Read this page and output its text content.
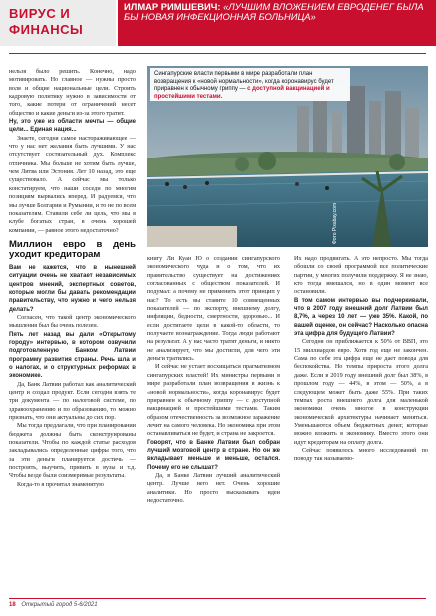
ВИРУС И
ФИНАНСЫ
ИЛМАР РИМШЕВИЧ: «ЛУЧШИМ ВЛОЖЕНИЕМ ЕВРОДЕНЕГ БЫЛА БЫ НОВАЯ ИНФЕКЦИОННАЯ БОЛЬНИЦА»
Сингапурские власти первыми в мире разработали план возвращения к «новой нормальности», когда коронавирус будет приравнен к обычному гриппу — с доступной вакцинацией и простейшими тестами.
Фото Pixabay.com

нельзя было решить. Конечно, надо мотивировать. Но главное — нужны просто воля и общие национальные цели. Строить кадровую политику нужно в зависимости от того, какие потери от ограничений несет общество и какие деньги из-за этого тратит.

Ну, это уже из области мечты — общие цели... Единая нация...

Знаете, сегодня самое настораживающее — что у нас нет желания быть лучшими. У нас отсутствует состязательный дух. Комплекс отличника. Мы больше не хотим быть лучше, чем Литва или Эстония. Лет 10 назад, это еще существовало. А сейчас мы только констатируем, что наши соседи по многим позициям вырвались вперед. И радуемся, что мы лучше Болгарии и Румынии, и то не по всем показателям. Ставили себе ли цель, что мы в клубе богатых стран, в очень хорошей компании, — равное этого недостаточно?

Миллион евро в день уходит кредиторам

Вам не кажется, что в нынешней ситуации очень не хватает независимых центров мнений, экспертных советов, которые могли бы давать рекомендации правительству, что нужно и чего нельзя делать?

Согласен, что такой центр экономического мышления был бы очень полезен.

Пять лет назад вы дали «Открытому городу» интервью, в котором озвучили подготовленную Банком Латвии программу развития страны. Речь шла и о налогах, и о структурных реформах в экономике.

Да, Банк Латвии работал как аналитический центр и создал продукт. Если сегодня взять те три документа — по налоговой системе, по здравоохранению и по образованию, то можно признать, что они актуальны до сих пор.

Мы тогда предлагали, что при планировании бюджета должны быть сконструированы показатели. Чтобы по каждой статье расходов закладывались определенные цифры того, что за эти деньги планируется достичь — построить, выучить, привить в вузы и т.д. Чтобы везде были соизмеримые результаты.

Когда-то я прочитал знаменитую

книгу Ли Куан Ю о создании сингапурского экономического чуда и о том, что их правительство существует на достижениях согласованных с обществом показателей. И подумал: а почему не применить этот принцип у нас? То есть вы ставите 10 совмещенных показателей — по экспорту, внешнему долгу, инфляции, бедности, смертности, здоровью... И если достигаете цели в какой-то области, то получаете вознаграждение. Тогда люди работают на результат. А у нас часто тратят деньги, и никто не анализирует, что мы достигли, для чего эти деньги тратились.

И сейчас не устает восхищаться прагматизмом сингапурских властей! Их министры первыми в мире разработали план возвращения в жизнь к «новой нормальности», когда коронавирус будет приравнен к обычному гриппу — с доступной вакцинацией и простейшими тестами. Таким образом отечественность за возможное заражение лечит на самого человека. Но экономика при этом останавливаться не будет, и страна не закроется.

Говорят, что в Банке Латвии был собран лучший мозговой центр в стране. Но он же вкладывает меньше и меньше, остался. Почему его не слышат?

Да, в Банке Латвии лучший аналитический центр. Лучше него нет. Очень хорошие аналитики. Но просто высказывать идеи недостаточно.

Их надо продвигать. А это непросто. Мы тогда обошли со своей программой все политические партии, у многих получили поддержку. Я не знаю, кто тогда вмешался, но в один момент все остановили.

В том самом интервью вы подчеркивали, что в 2007 году внешний долг Латвии был 8,7%, а через 10 лет — уже 35%. Какой, по вашей оценке, он сейчас? Насколько опасна эта цифра для будущего Латвии?

Сегодня он приближается к 50% от ВВП, это 15 миллиардов евро. Хотя год еще не закончен. Сама по себе эта цифра еще не дает повода для беспокойства. Но темпы прироста этого долга даже. Если в 2019 году внешний долг был 38%, в прошлом году — 44%, в этом — 50%, а в следующем может быть даже 55%. При таких темпах роста внешнего долга для маленькой экономики очень многое в конструкции экономической архитектуры начинает меняться. Уменьшаются объем бюджетных денег, которые можно вложить в экономику. Вместо этого они идут кредиторам на оплату долга.

Сейчас появилось много исследований по поводу так называемо-

18 Открытый город 5-6/2021
